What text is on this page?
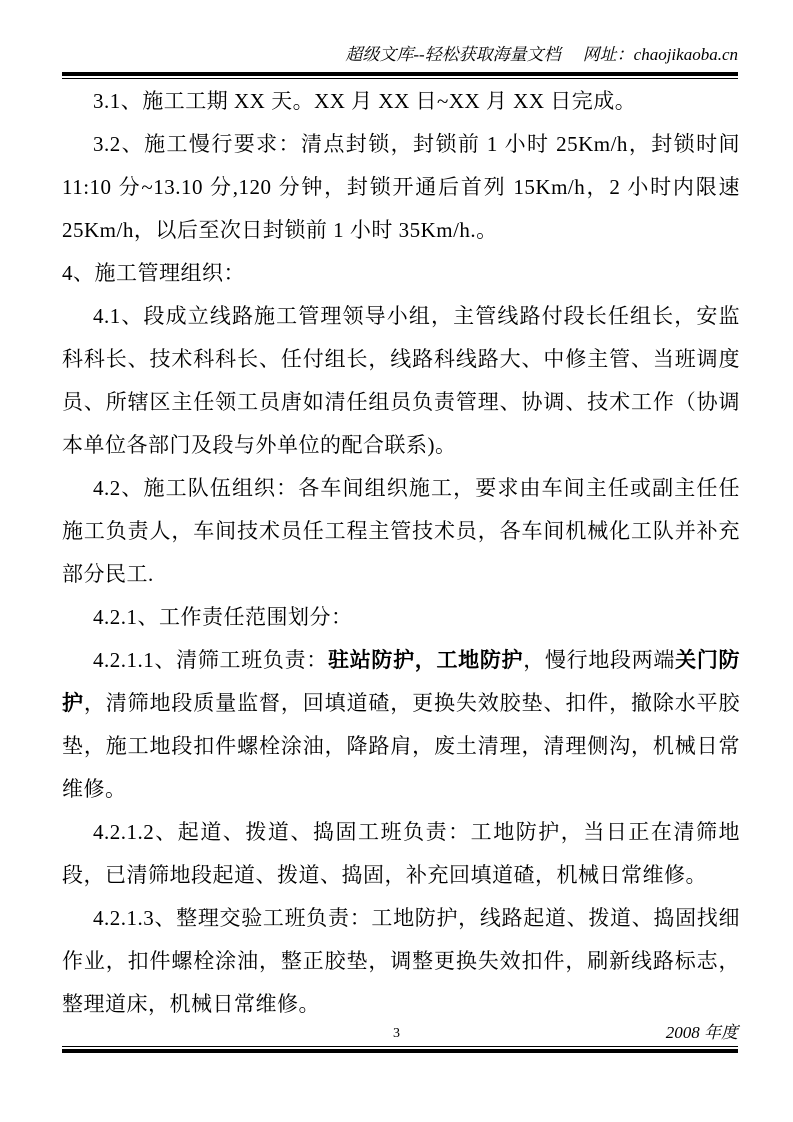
超级文库--轻松获取海量文档 网址：chaojikaoba.cn

3.1、施工工期 XX 天。XX 月 XX 日~XX 月 XX 日完成。

3.2、施工慢行要求：清点封锁，封锁前 1 小时 25Km/h，封锁时间 11:10 分~13.10 分,120 分钟，封锁开通后首列 15Km/h，2 小时内限速 25Km/h，以后至次日封锁前 1 小时 35Km/h.。

4、施工管理组织：

4.1、段成立线路施工管理领导小组，主管线路付段长任组长，安监科科长、技术科科长、任付组长，线路科线路大、中修主管、当班调度员、所辖区主任领工员唐如清任组员负责管理、协调、技术工作（协调本单位各部门及段与外单位的配合联系)。

4.2、施工队伍组织：各车间组织施工，要求由车间主任或副主任任施工负责人，车间技术员任工程主管技术员，各车间机械化工队并补充部分民工.

4.2.1、工作责任范围划分：

4.2.1.1、清筛工班负责：驻站防护，工地防护，慢行地段两端关门防护，清筛地段质量监督，回填道碴，更换失效胶垫、扣件，撤除水平胶垫，施工地段扣件螺栓涂油，降路肩，废土清理，清理侧沟，机械日常维修。

4.2.1.2、起道、拨道、捣固工班负责：工地防护，当日正在清筛地段，已清筛地段起道、拨道、捣固，补充回填道碴，机械日常维修。

4.2.1.3、整理交验工班负责：工地防护，线路起道、拨道、捣固找细作业，扣件螺栓涂油，整正胶垫，调整更换失效扣件，刷新线路标志，整理道床，机械日常维修。

3	2008 年度
